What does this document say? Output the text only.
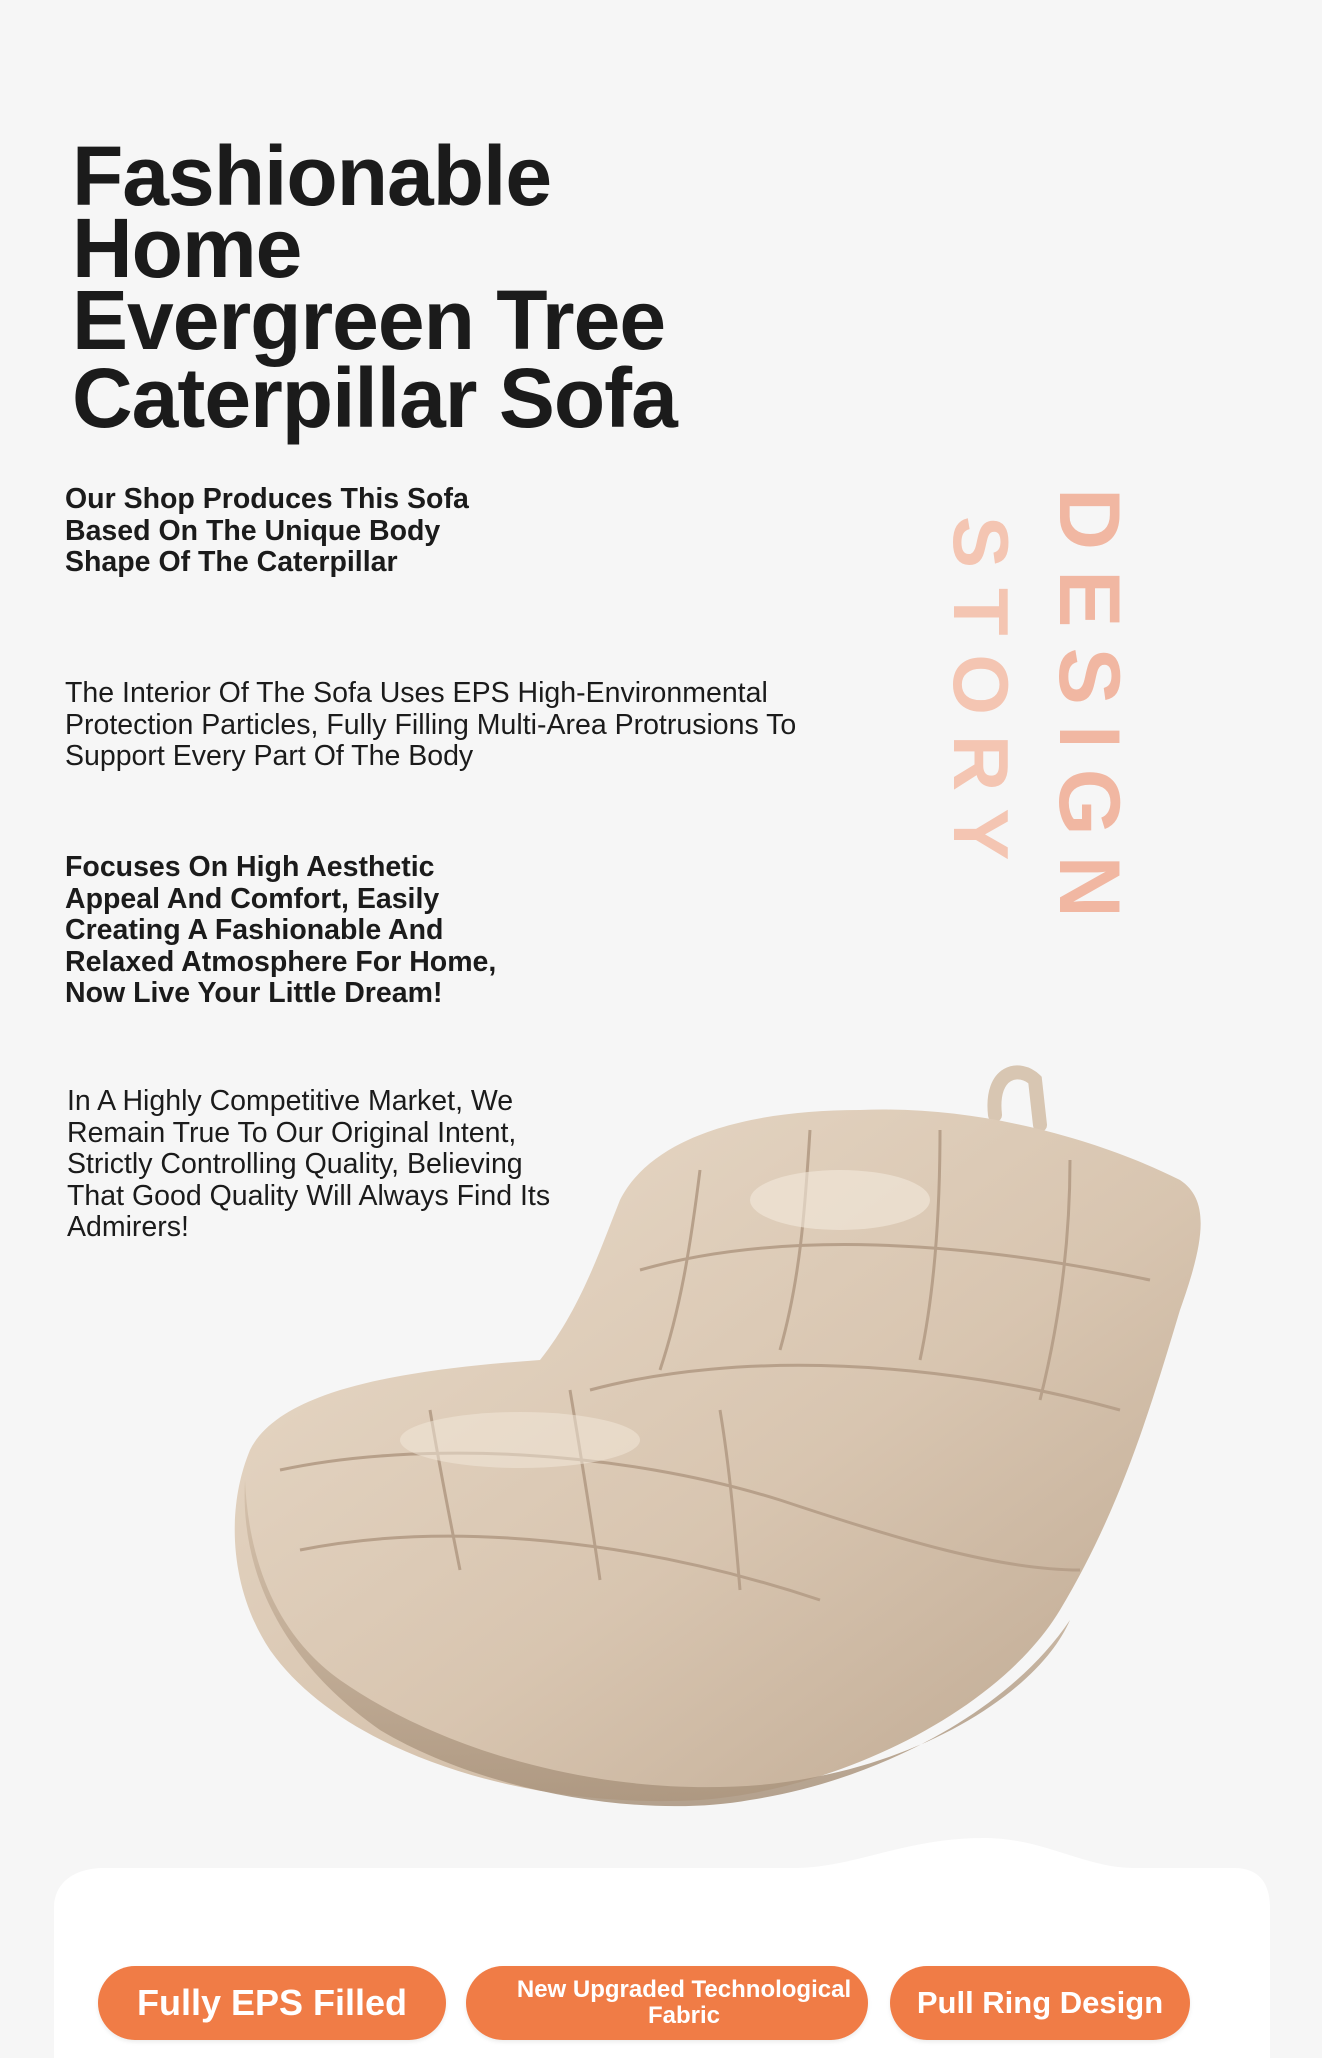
Fashionable Home
Evergreen Tree
Caterpillar Sofa

Our Shop Produces This Sofa Based On The Unique Body Shape Of The Caterpillar

The Interior Of The Sofa Uses EPS High-Environmental Protection Particles, Fully Filling Multi-Area Protrusions To Support Every Part Of The Body

Focuses On High Aesthetic Appeal And Comfort, Easily Creating A Fashionable And Relaxed Atmosphere For Home, Now Live Your Little Dream!

In A Highly Competitive Market, We Remain True To Our Original Intent, Strictly Controlling Quality, Believing That Good Quality Will Always Find Its Admirers!

DESIGN
STORY
Fully EPS Filled	New Upgraded Technological Fabric	Pull Ring Design
